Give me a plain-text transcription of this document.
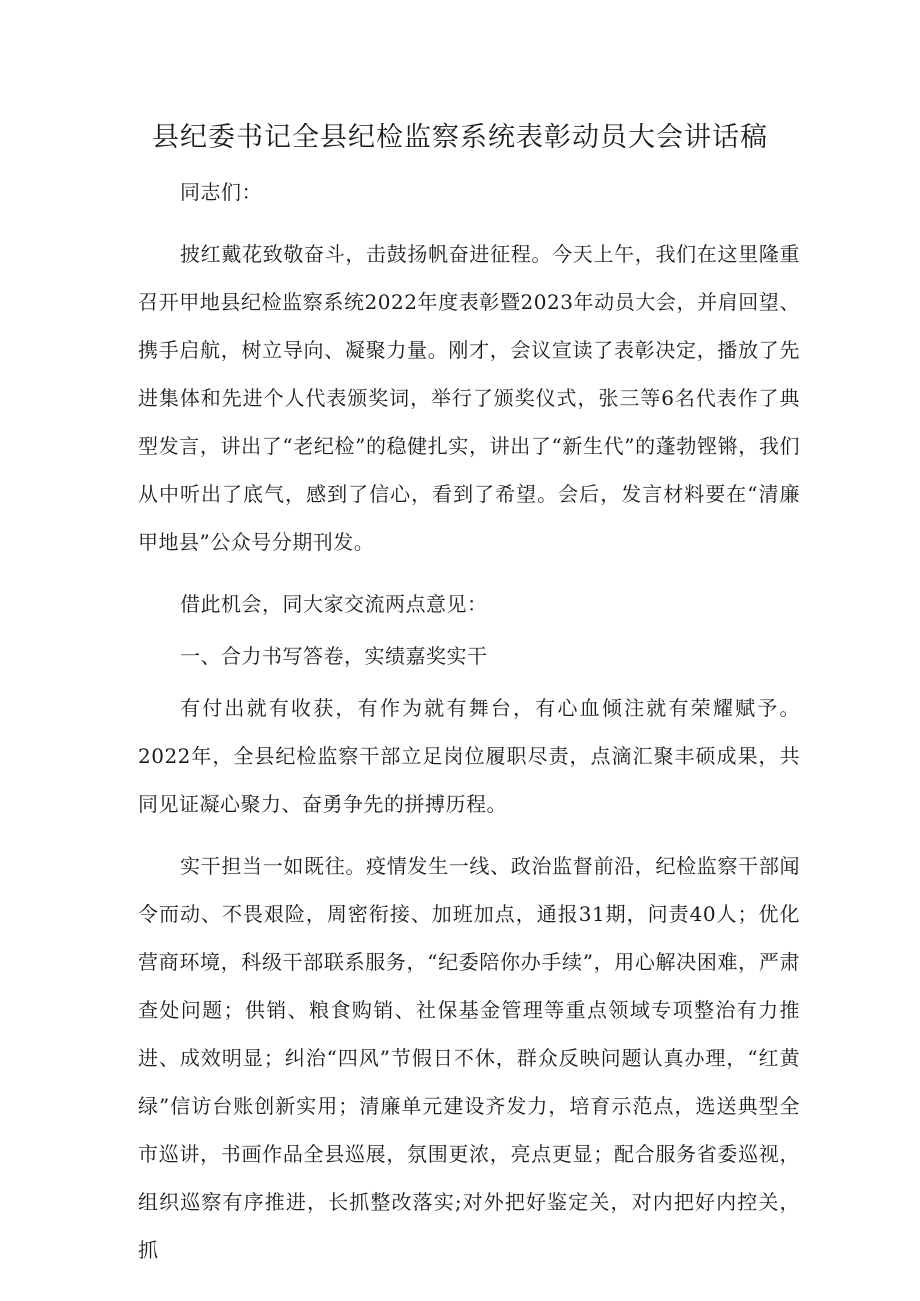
县纪委书记全县纪检监察系统表彰动员大会讲话稿

同志们：

披红戴花致敬奋斗，击鼓扬帆奋进征程。今天上午，我们在这里隆重召开甲地县纪检监察系统2022年度表彰暨2023年动员大会，并肩回望、携手启航，树立导向、凝聚力量。刚才，会议宣读了表彰决定，播放了先进集体和先进个人代表颁奖词，举行了颁奖仪式，张三等6名代表作了典型发言，讲出了“老纪检”的稳健扎实，讲出了“新生代”的蓬勃铿锵，我们从中听出了底气，感到了信心，看到了希望。会后，发言材料要在“清廉甲地县”公众号分期刊发。

借此机会，同大家交流两点意见：

一、合力书写答卷，实绩嘉奖实干

有付出就有收获，有作为就有舞台，有心血倾注就有荣耀赋予。2022年，全县纪检监察干部立足岗位履职尽责，点滴汇聚丰硕成果，共同见证凝心聚力、奋勇争先的拼搏历程。

实干担当一如既往。疫情发生一线、政治监督前沿，纪检监察干部闻令而动、不畏艰险，周密衔接、加班加点，通报31期，问责40人；优化营商环境，科级干部联系服务，“纪委陪你办手续”，用心解决困难，严肃查处问题；供销、粮食购销、社保基金管理等重点领域专项整治有力推进、成效明显；纠治“四风”节假日不休，群众反映问题认真办理，“红黄绿”信访台账创新实用；清廉单元建设齐发力，培育示范点，选送典型全市巡讲，书画作品全县巡展，氛围更浓，亮点更显；配合服务省委巡视，组织巡察有序推进，长抓整改落实;对外把好鉴定关，对内把好内控关，抓
